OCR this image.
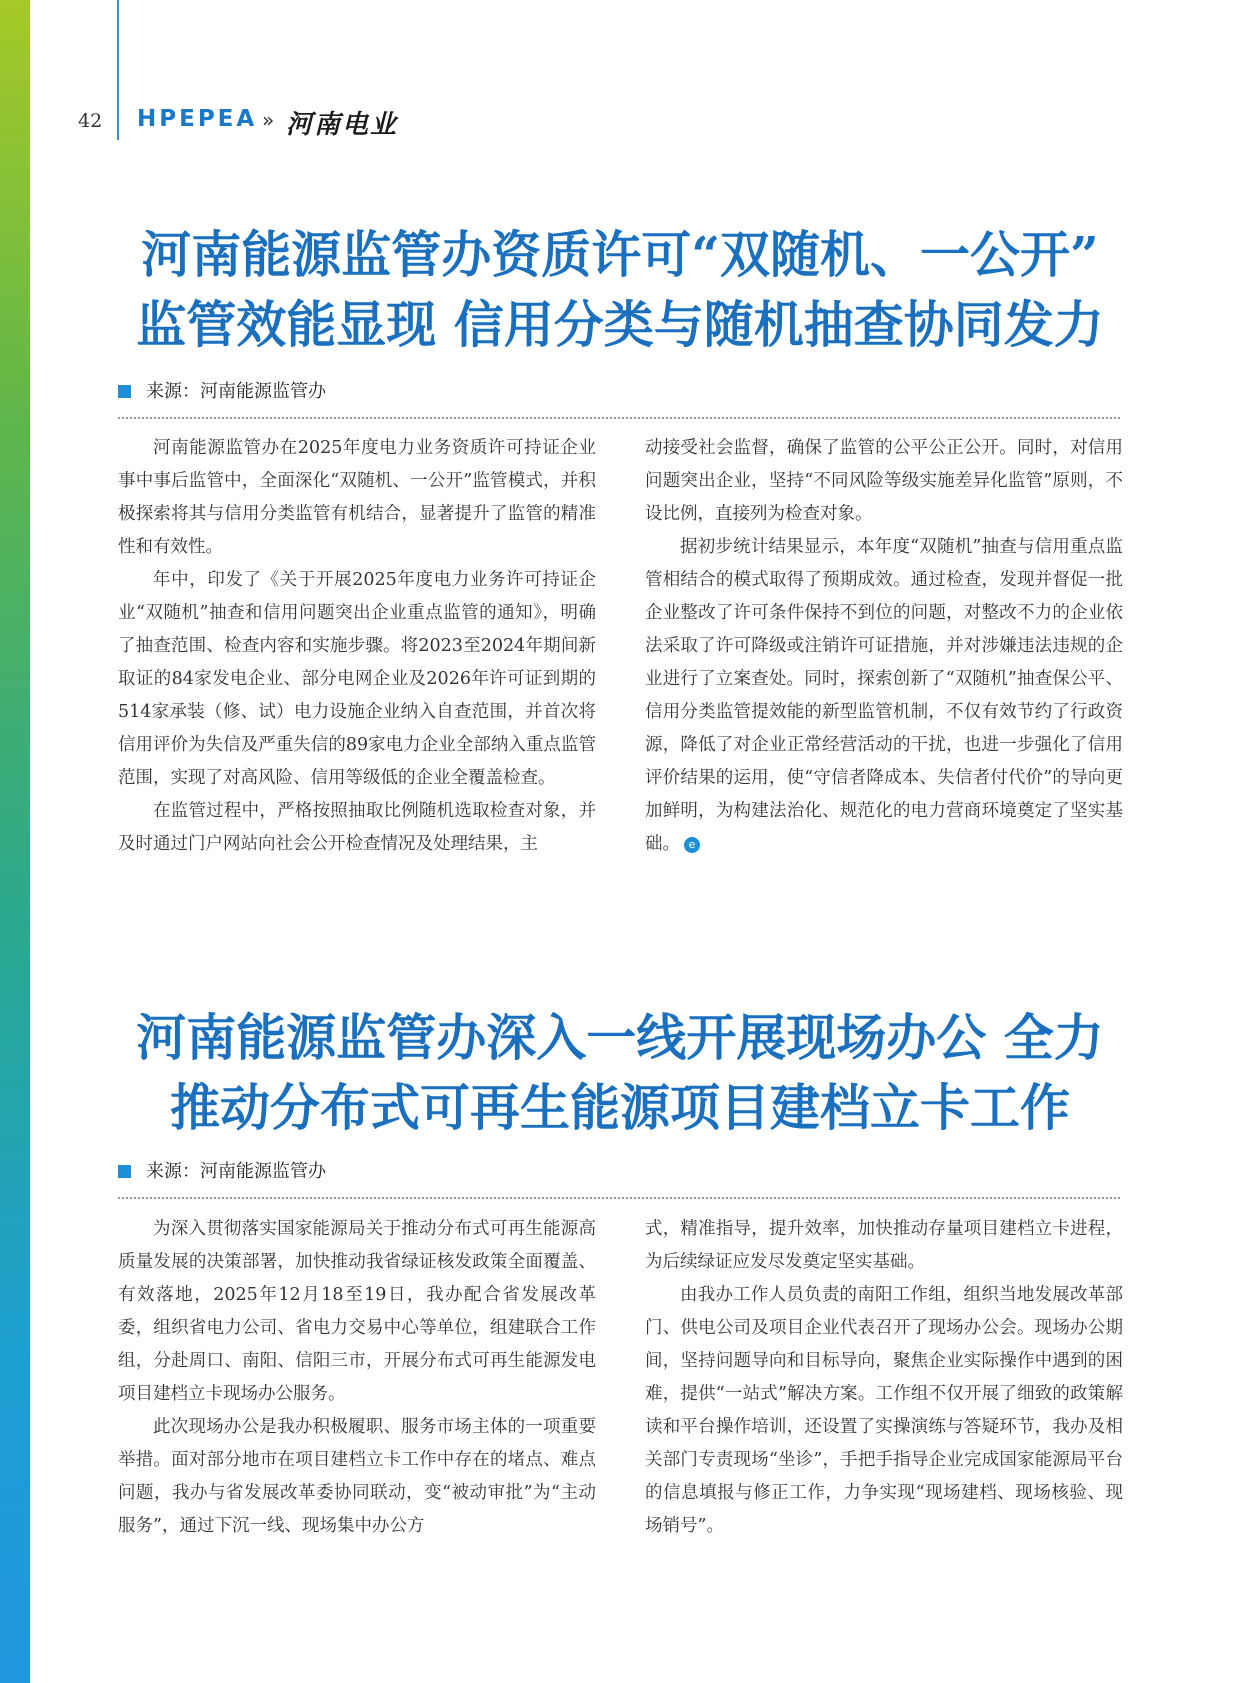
42 HPEPEA » 河南电业
河南能源监管办资质许可“双随机、一公开”
监管效能显现 信用分类与随机抽查协同发力
来源：河南能源监管办

河南能源监管办在2025年度电力业务资质许可持证企业事中事后监管中，全面深化“双随机、一公开”监管模式，并积极探索将其与信用分类监管有机结合，显著提升了监管的精准性和有效性。

年中，印发了《关于开展2025年度电力业务许可持证企业“双随机”抽查和信用问题突出企业重点监管的通知》，明确了抽查范围、检查内容和实施步骤。将2023至2024年期间新取证的84家发电企业、部分电网企业及2026年许可证到期的514家承装（修、试）电力设施企业纳入自查范围，并首次将信用评价为失信及严重失信的89家电力企业全部纳入重点监管范围，实现了对高风险、信用等级低的企业全覆盖检查。

在监管过程中，严格按照抽取比例随机选取检查对象，并及时通过门户网站向社会公开检查情况及处理结果，主

动接受社会监督，确保了监管的公平公正公开。同时，对信用问题突出企业，坚持“不同风险等级实施差异化监管”原则，不设比例，直接列为检查对象。

据初步统计结果显示，本年度“双随机”抽查与信用重点监管相结合的模式取得了预期成效。通过检查，发现并督促一批企业整改了许可条件保持不到位的问题，对整改不力的企业依法采取了许可降级或注销许可证措施，并对涉嫌违法违规的企业进行了立案查处。同时，探索创新了“双随机”抽查保公平、信用分类监管提效能的新型监管机制，不仅有效节约了行政资源，降低了对企业正常经营活动的干扰，也进一步强化了信用评价结果的运用，使“守信者降成本、失信者付代价”的导向更加鲜明，为构建法治化、规范化的电力营商环境奠定了坚实基础。 e

河南能源监管办深入一线开展现场办公 全力
推动分布式可再生能源项目建档立卡工作
来源：河南能源监管办

为深入贯彻落实国家能源局关于推动分布式可再生能源高质量发展的决策部署，加快推动我省绿证核发政策全面覆盖、有效落地，2025年12月18至19日，我办配合省发展改革委，组织省电力公司、省电力交易中心等单位，组建联合工作组，分赴周口、南阳、信阳三市，开展分布式可再生能源发电项目建档立卡现场办公服务。

此次现场办公是我办积极履职、服务市场主体的一项重要举措。面对部分地市在项目建档立卡工作中存在的堵点、难点问题，我办与省发展改革委协同联动，变“被动审批”为“主动服务”，通过下沉一线、现场集中办公方

式，精准指导，提升效率，加快推动存量项目建档立卡进程，为后续绿证应发尽发奠定坚实基础。

由我办工作人员负责的南阳工作组，组织当地发展改革部门、供电公司及项目企业代表召开了现场办公会。现场办公期间，坚持问题导向和目标导向，聚焦企业实际操作中遇到的困难，提供“一站式”解决方案。工作组不仅开展了细致的政策解读和平台操作培训，还设置了实操演练与答疑环节，我办及相关部门专责现场“坐诊”，手把手指导企业完成国家能源局平台的信息填报与修正工作，力争实现“现场建档、现场核验、现场销号”。
